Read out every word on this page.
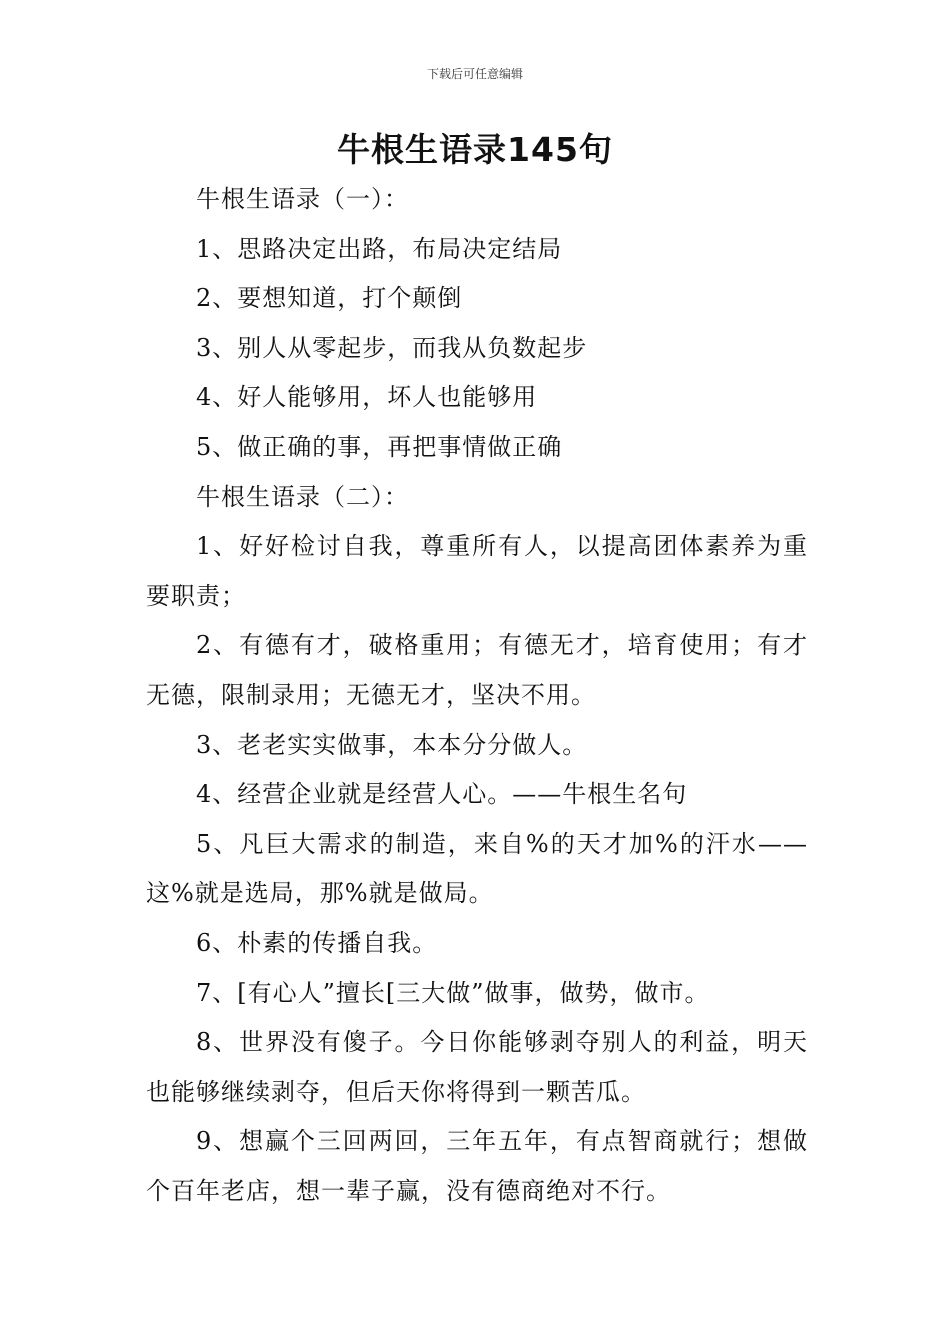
下载后可任意编辑
牛根生语录145句

牛根生语录（一）：

1、思路决定出路，布局决定结局

2、要想知道，打个颠倒

3、别人从零起步，而我从负数起步

4、好人能够用，坏人也能够用

5、做正确的事，再把事情做正确

牛根生语录（二）：

1、好好检讨自我，尊重所有人，以提高团体素养为重要职责；

2、有德有才，破格重用；有德无才，培育使用；有才无德，限制录用；无德无才，坚决不用。

3、老老实实做事，本本分分做人。

4、经营企业就是经营人心。——牛根生名句

5、凡巨大需求的制造，来自%的天才加%的汗水——这%就是选局，那%就是做局。

6、朴素的传播自我。

7、[有心人”擅长[三大做”做事，做势，做市。

8、世界没有傻子。今日你能够剥夺别人的利益，明天也能够继续剥夺，但后天你将得到一颗苦瓜。

9、想赢个三回两回，三年五年，有点智商就行；想做个百年老店，想一辈子赢，没有德商绝对不行。
